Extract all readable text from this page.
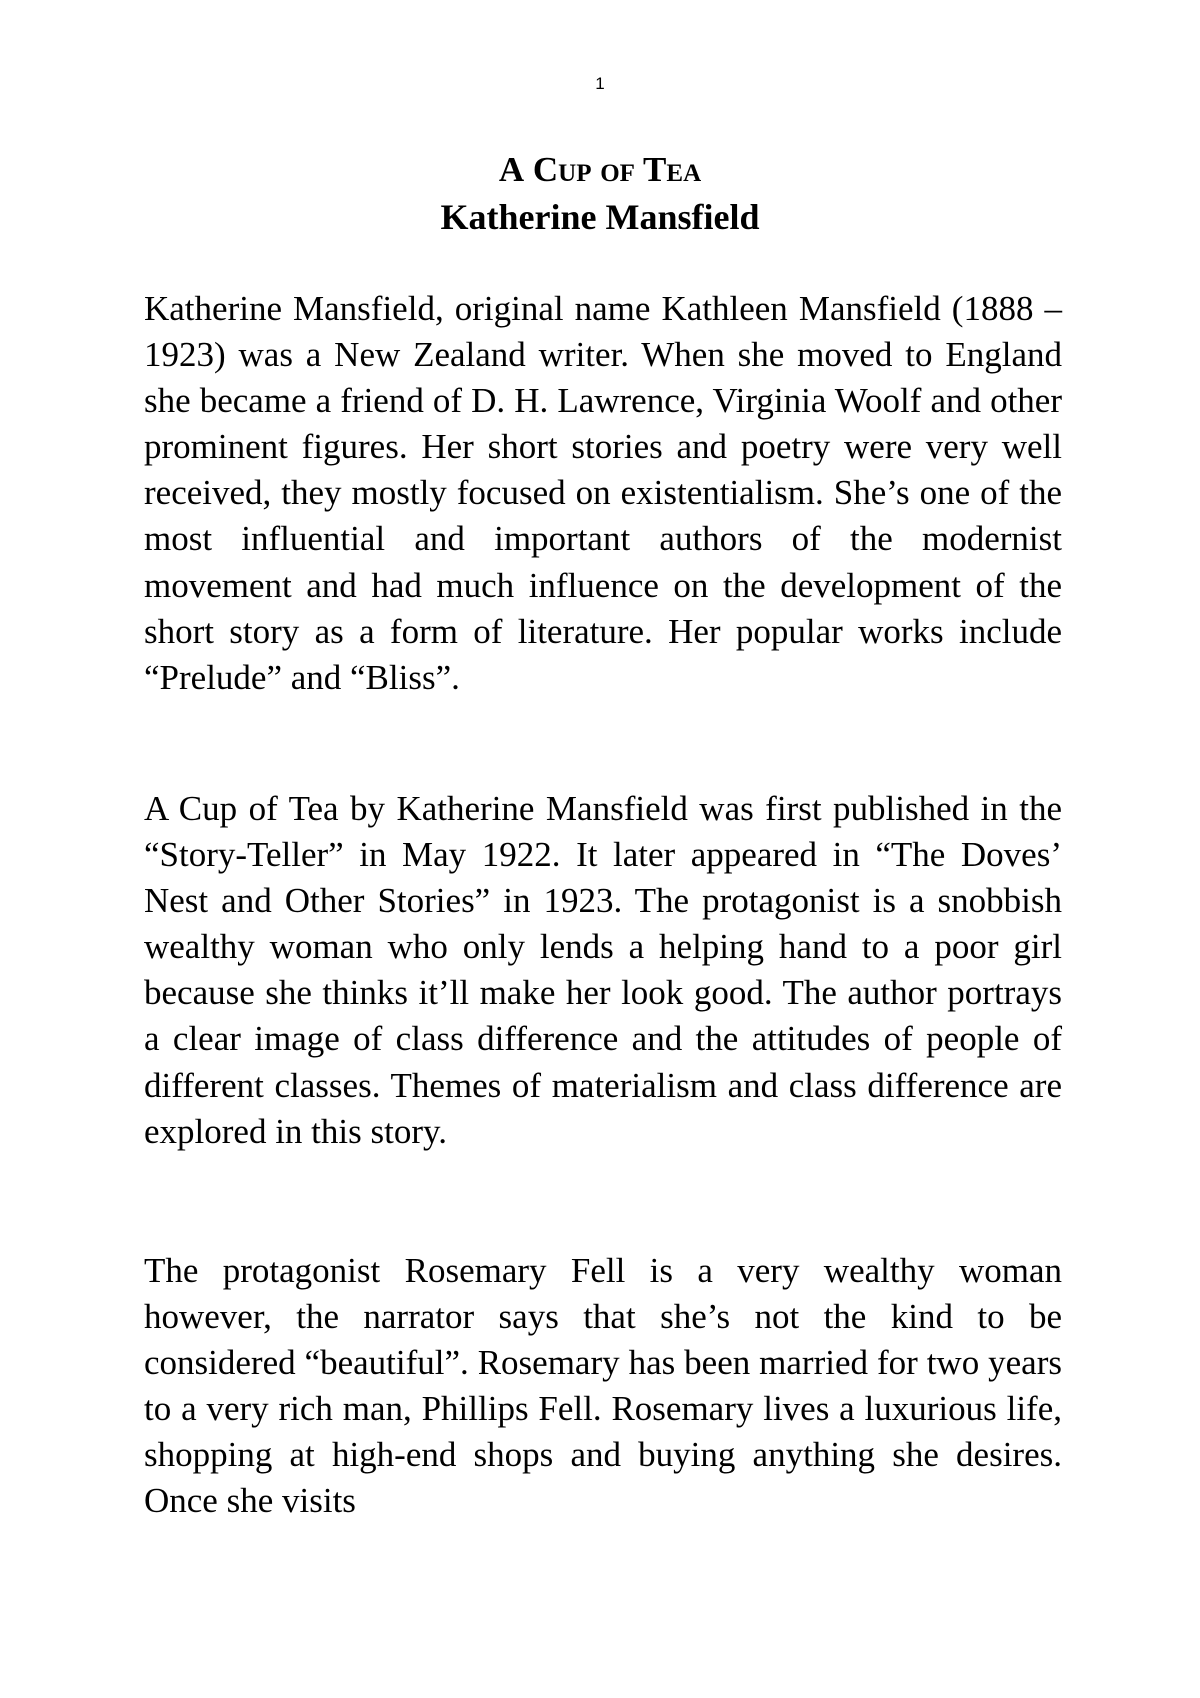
1
A Cup of Tea
Katherine Mansfield

Katherine Mansfield, original name Kathleen Mansfield (1888 –1923) was a New Zealand writer. When she moved to England she became a friend of D. H. Lawrence, Virginia Woolf and other prominent figures. Her short stories and poetry were very well received, they mostly focused on existentialism. She’s one of the most influential and important authors of the modernist movement and had much influence on the development of the short story as a form of literature. Her popular works include “Prelude” and “Bliss”.

A Cup of Tea by Katherine Mansfield was first published in the “Story-Teller” in May 1922. It later appeared in “The Doves’ Nest and Other Stories” in 1923. The protagonist is a snobbish wealthy woman who only lends a helping hand to a poor girl because she thinks it’ll make her look good. The author portrays a clear image of class difference and the attitudes of people of different classes. Themes of materialism and class difference are explored in this story.

The protagonist Rosemary Fell is a very wealthy woman however, the narrator says that she’s not the kind to be considered “beautiful”. Rosemary has been married for two years to a very rich man, Phillips Fell. Rosemary lives a luxurious life, shopping at high-end shops and buying anything she desires. Once she visits
